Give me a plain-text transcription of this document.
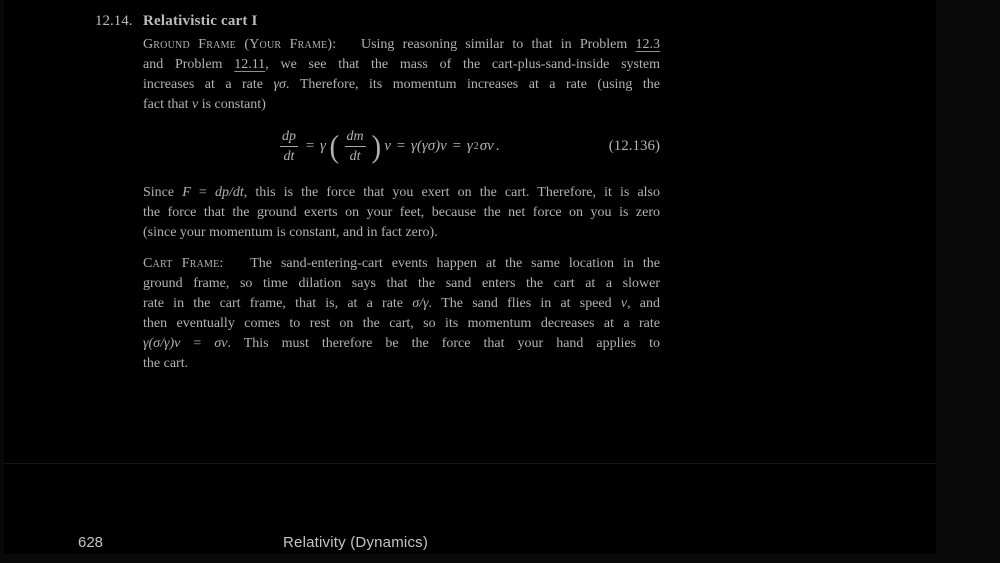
12.14. Relativistic cart I
$\frac{dp}{dt} = \gamma$ ( $\frac{dm}{dt}$ ) v = γ(γσ)v = γ 2 σv .	(12.136)
Ground Frame (Your Frame):   Using reasoning similar to that in Problem 12.3
and Problem 12.11, we see that the mass of the cart-plus-sand-inside system
increases at a rate γσ. Therefore, its momentum increases at a rate (using the
fact that v is constant)
Since F = dp/dt, this is the force that you exert on the cart. Therefore, it is also
the force that the ground exerts on your feet, because the net force on you is zero
(since your momentum is constant, and in fact zero).
Cart Frame:   The sand-entering-cart events happen at the same location in the
ground frame, so time dilation says that the sand enters the cart at a slower
rate in the cart frame, that is, at a rate σ/γ. The sand flies in at speed v, and
then eventually comes to rest on the cart, so its momentum decreases at a rate
γ(σ/γ)v = σv. This must therefore be the force that your hand applies to
the cart.
628	Relativity (Dynamics)
